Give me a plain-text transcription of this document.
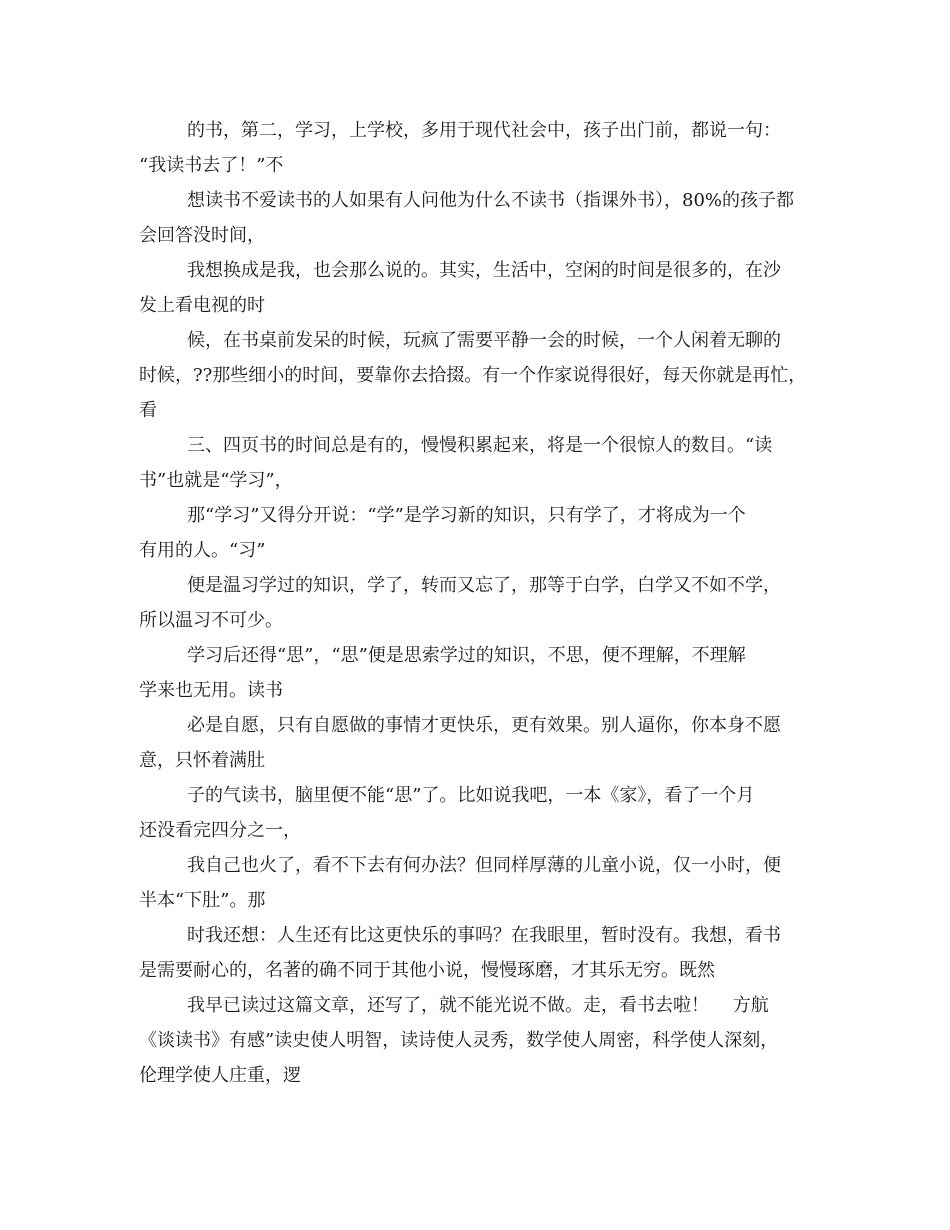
的书，第二，学习，上学校，多用于现代社会中，孩子出门前，都说一句：
“我读书去了！”不

想读书不爱读书的人如果有人问他为什么不读书（指课外书），80%的孩子都
会回答没时间，

我想换成是我，也会那么说的。其实，生活中，空闲的时间是很多的，在沙
发上看电视的时

候，在书桌前发呆的时候，玩疯了需要平静一会的时候，一个人闲着无聊的
时候，??那些细小的时间，要靠你去拾掇。有一个作家说得很好，每天你就是再忙，
看

三、四页书的时间总是有的，慢慢积累起来，将是一个很惊人的数目。“读
书”也就是“学习”，

那“学习”又得分开说：“学”是学习新的知识，只有学了，才将成为一个
有用的人。“习”

便是温习学过的知识，学了，转而又忘了，那等于白学，白学又不如不学，
所以温习不可少。

学习后还得“思”，“思”便是思索学过的知识，不思，便不理解，不理解
学来也无用。读书

必是自愿，只有自愿做的事情才更快乐，更有效果。别人逼你，你本身不愿
意，只怀着满肚

子的气读书，脑里便不能“思”了。比如说我吧，一本《家》，看了一个月
还没看完四分之一，

我自己也火了，看不下去有何办法？但同样厚薄的儿童小说，仅一小时，便
半本“下肚”。那

时我还想：人生还有比这更快乐的事吗？在我眼里，暂时没有。我想，看书
是需要耐心的，名著的确不同于其他小说，慢慢琢磨，才其乐无穷。既然

我早已读过这篇文章，还写了，就不能光说不做。走，看书去啦！　 方航
《谈读书》有感”读史使人明智，读诗使人灵秀，数学使人周密，科学使人深刻，
伦理学使人庄重，逻
